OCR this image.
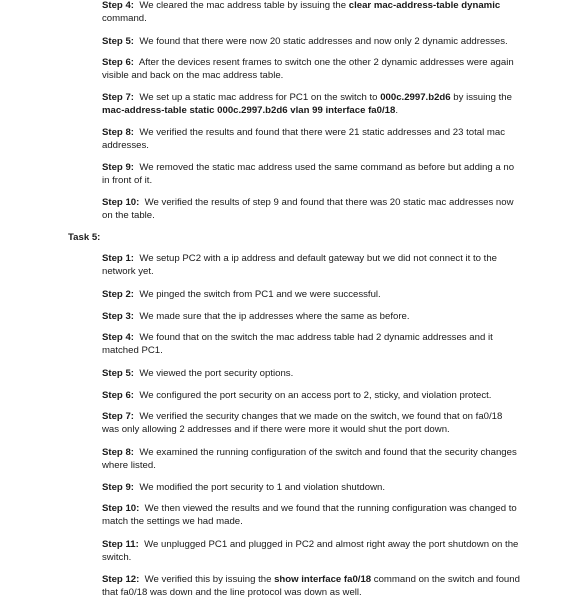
Step 4: We cleared the mac address table by issuing the clear mac-address-table dynamic command.

Step 5: We found that there were now 20 static addresses and now only 2 dynamic addresses.

Step 6: After the devices resent frames to switch one the other 2 dynamic addresses were again visible and back on the mac address table.

Step 7: We set up a static mac address for PC1 on the switch to 000c.2997.b2d6 by issuing the mac-address-table static 000c.2997.b2d6 vlan 99 interface fa0/18.

Step 8: We verified the results and found that there were 21 static addresses and 23 total mac addresses.

Step 9: We removed the static mac address used the same command as before but adding a no in front of it.

Step 10: We verified the results of step 9 and found that there was 20 static mac addresses now on the table.

Task 5:

Step 1: We setup PC2 with a ip address and default gateway but we did not connect it to the network yet.

Step 2: We pinged the switch from PC1 and we were successful.

Step 3: We made sure that the ip addresses where the same as before.

Step 4: We found that on the switch the mac address table had 2 dynamic addresses and it matched PC1.

Step 5: We viewed the port security options.

Step 6: We configured the port security on an access port to 2, sticky, and violation protect.

Step 7: We verified the security changes that we made on the switch, we found that on fa0/18 was only allowing 2 addresses and if there were more it would shut the port down.

Step 8: We examined the running configuration of the switch and found that the security changes where listed.

Step 9: We modified the port security to 1 and violation shutdown.

Step 10: We then viewed the results and we found that the running configuration was changed to match the settings we had made.

Step 11: We unplugged PC1 and plugged in PC2 and almost right away the port shutdown on the switch.

Step 12: We verified this by issuing the show interface fa0/18 command on the switch and found that fa0/18 was down and the line protocol was down as well.
